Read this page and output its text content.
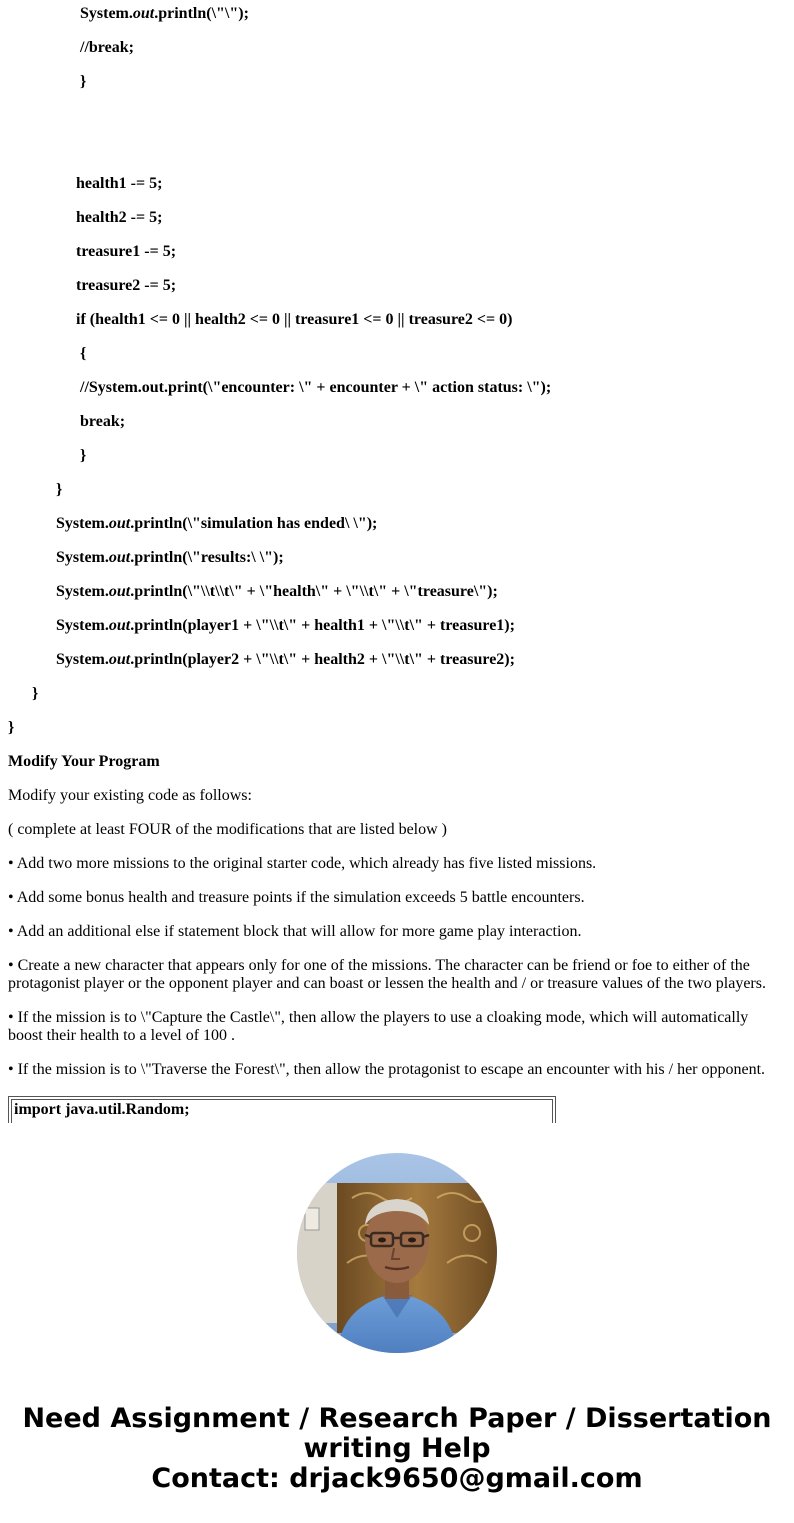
System.out.println(\"\");
//break;
}
health1 -= 5;
health2 -= 5;
treasure1 -= 5;
treasure2 -= 5;
if (health1 <= 0 || health2 <= 0 || treasure1 <= 0 || treasure2 <= 0)
{
//System.out.print(\"encounter: \" + encounter + \" action status: \");
break;
}
}
System.out.println(\"simulation has ended\ \");
System.out.println(\"results:\ \");
System.out.println(\"\\t\\t\" + \"health\" + \"\\t\" + \"treasure\");
System.out.println(player1 + \"\\t\" + health1 + \"\\t\" + treasure1);
System.out.println(player2 + \"\\t\" + health2 + \"\\t\" + treasure2);
}
}
Modify Your Program
Modify your existing code as follows:
( complete at least FOUR of the modifications that are listed below )
• Add two more missions to the original starter code, which already has five listed missions.
• Add some bonus health and treasure points if the simulation exceeds 5 battle encounters.
• Add an additional else if statement block that will allow for more game play interaction.
• Create a new character that appears only for one of the missions. The character can be friend or foe to either of the protagonist player or the opponent player and can boast or lessen the health and / or treasure values of the two players.
• If the mission is to \"Capture the Castle\", then allow the players to use a cloaking mode, which will automatically boost their health to a level of 100 .
• If the mission is to \"Traverse the Forest\", then allow the protagonist to escape an encounter with his / her opponent.
import java.util.Random;
Need Assignment / Research Paper / Dissertation
writing Help
Contact: drjack9650@gmail.com
